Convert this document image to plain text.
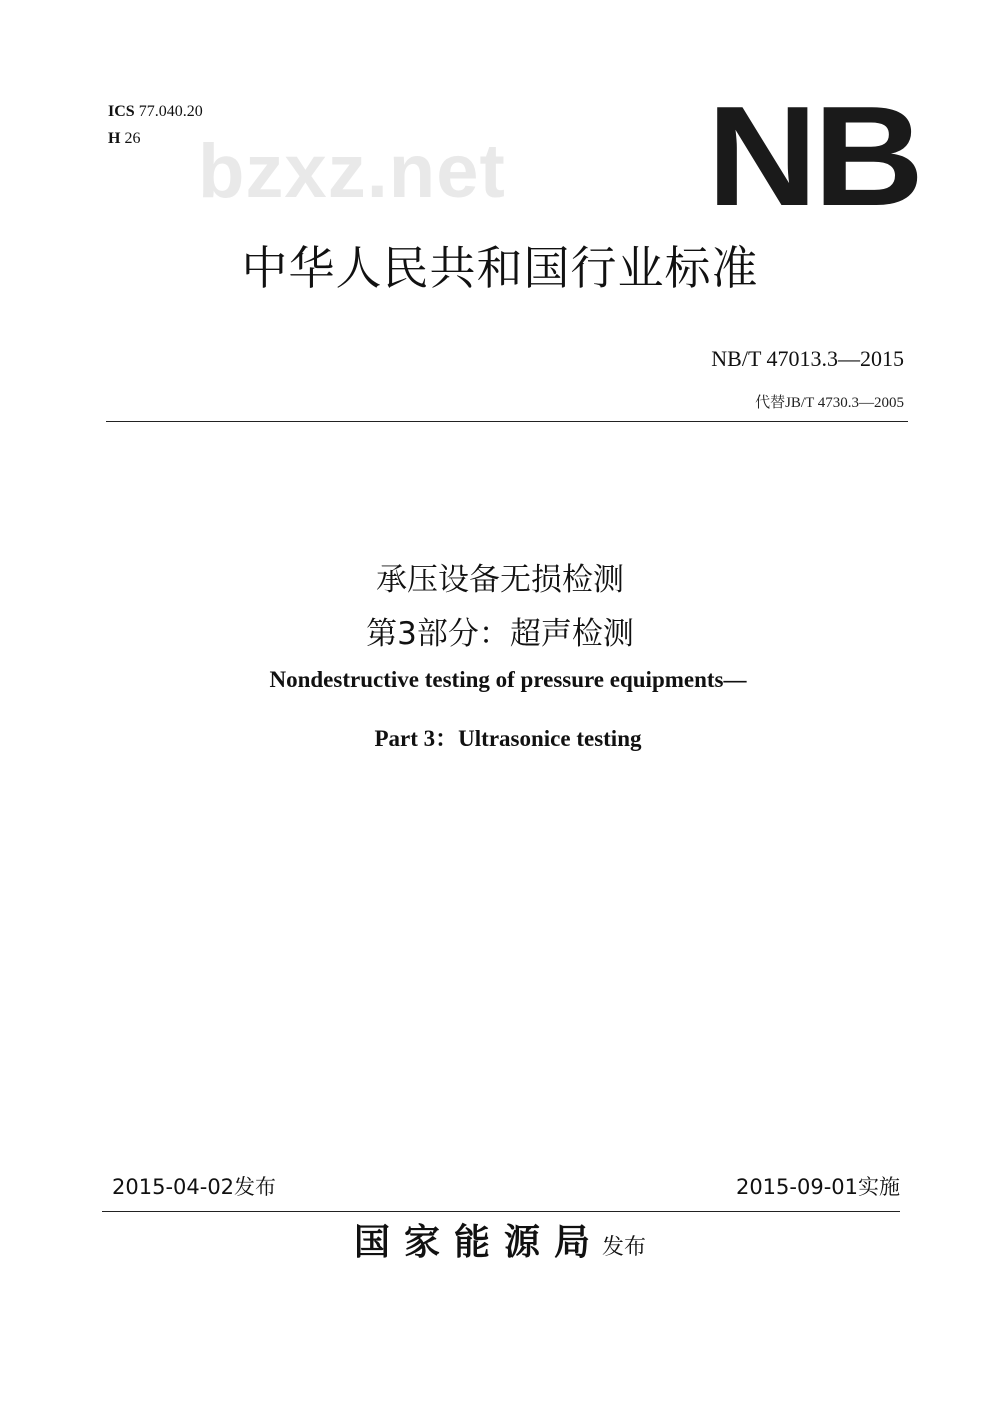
ICS 77.040.20
H 26 bzxz.net NB
中华人民共和国行业标准
NB/T 47013.3—2015
代替JB/T 4730.3—2005
承压设备无损检测
第3部分：超声检测
Nondestructive testing of pressure equipments—
Part 3：Ultrasonice testing
2015-04-02发布	2015-09-01实施
国家能源局发布
